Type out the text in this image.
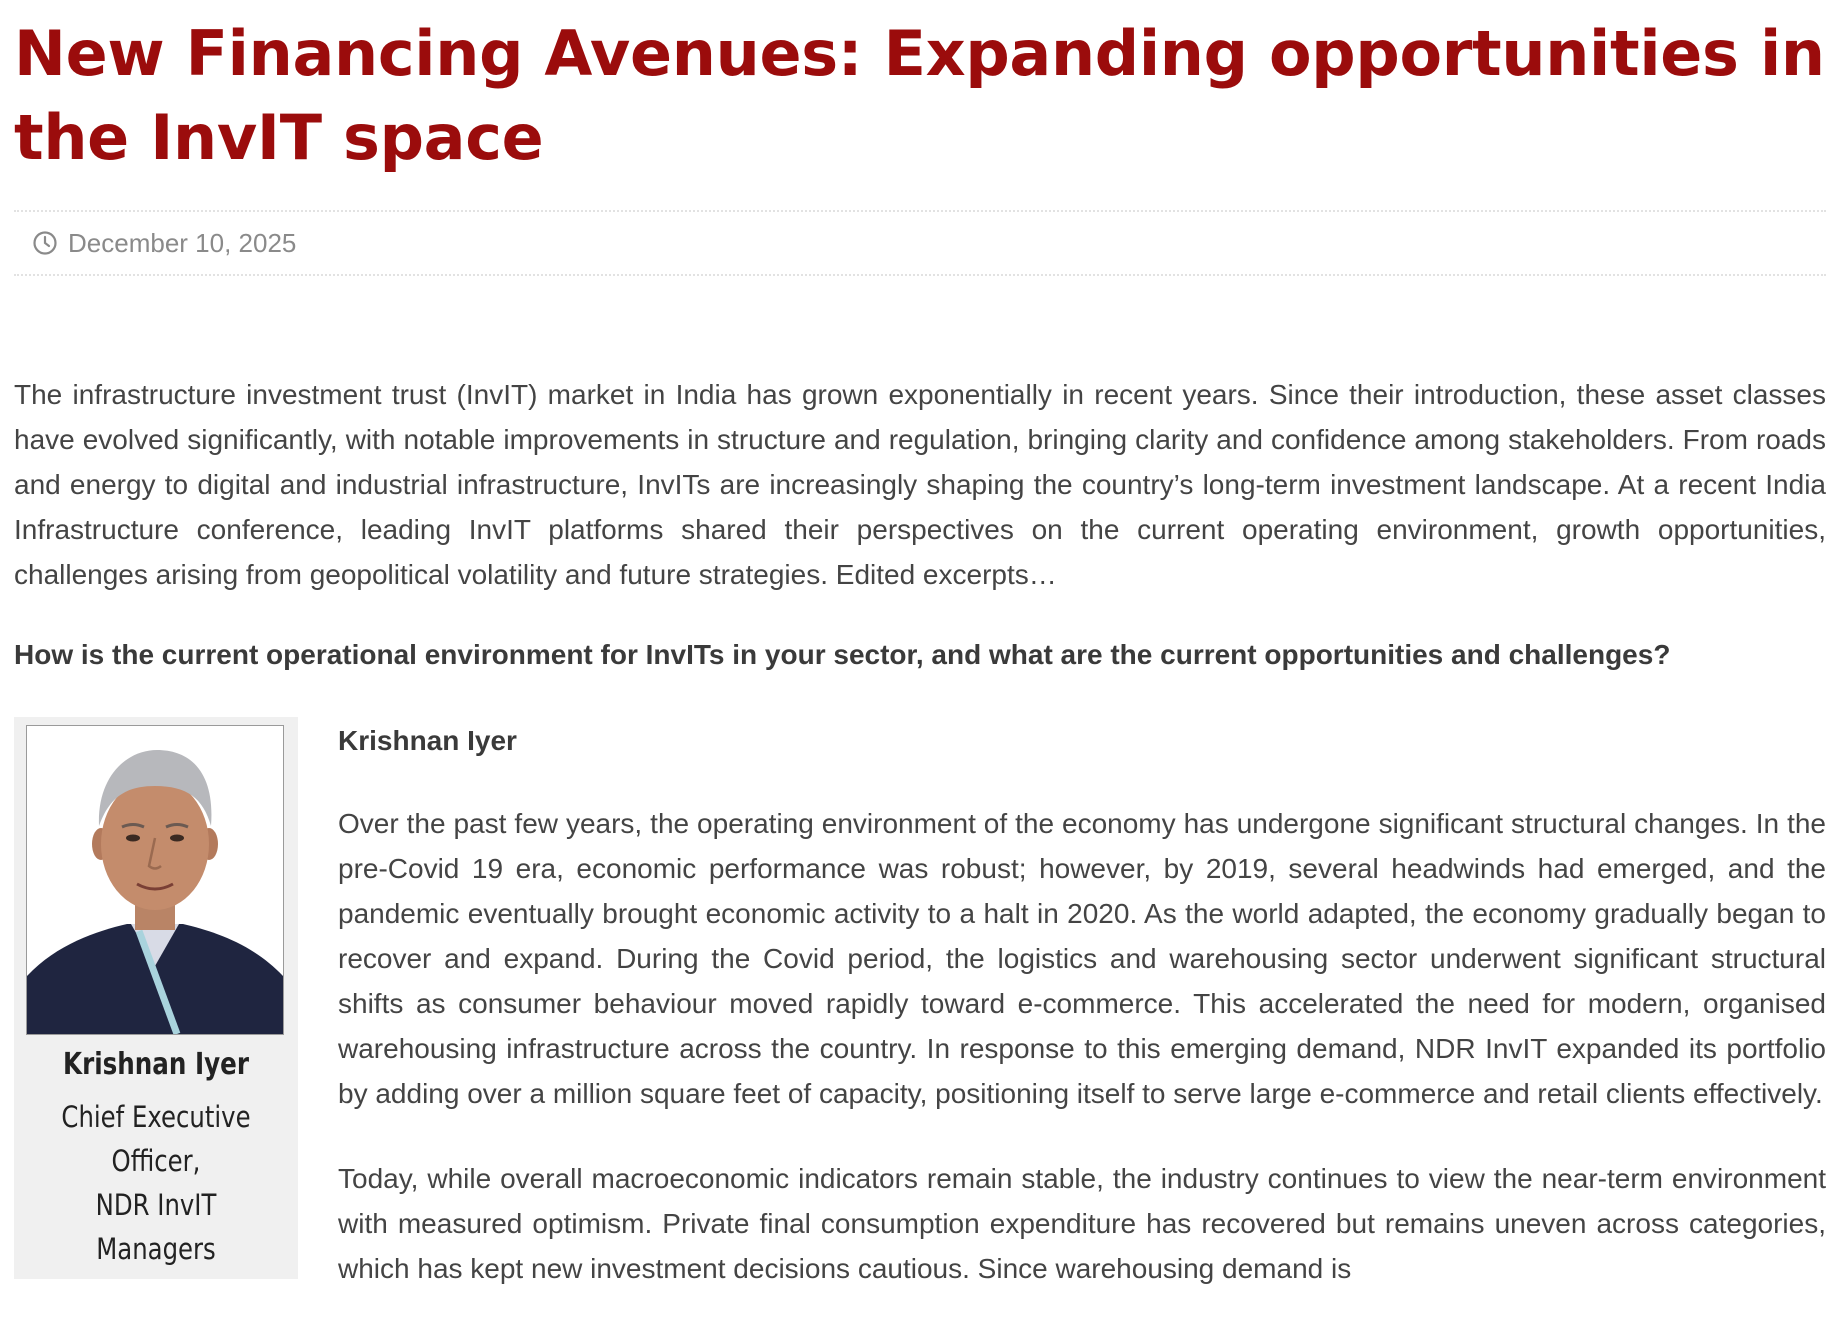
New Financing Avenues: Expanding opportunities in the InvIT space
December 10, 2025

The infrastructure investment trust (InvIT) market in India has grown exponentially in recent years. Since their introduction, these asset classes have evolved significantly, with notable improvements in structure and regulation, bringing clarity and confidence among stakeholders. From roads and energy to digital and industrial infrastructure, InvITs are increasingly shaping the country’s long-term investment landscape. At a recent India Infrastructure conference, leading InvIT platforms shared their perspectives on the current operating environment, growth opportunities, challenges arising from geopolitical volatility and future strategies. Edited excerpts…

How is the current operational environment for InvITs in your sector, and what are the current opportunities and challenges?

Krishnan Iyer
Chief Executive
Officer,
NDR InvIT
Managers

Krishnan Iyer

Over the past few years, the operating environment of the economy has undergone significant structural changes. In the pre-Covid 19 era, economic performance was robust; however, by 2019, several headwinds had emerged, and the pandemic eventually brought economic activity to a halt in 2020. As the world adapted, the economy gradually began to recover and expand. During the Covid period, the logistics and warehousing sector underwent significant structural shifts as consumer behaviour moved rapidly toward e-commerce. This accelerated the need for modern, organised warehousing infrastructure across the country. In response to this emerging demand, NDR InvIT expanded its portfolio by adding over a million square feet of capacity, positioning itself to serve large e-commerce and retail clients effectively.

Today, while overall macroeconomic indicators remain stable, the industry continues to view the near-term environment with measured optimism. Private final consumption expenditure has recovered but remains uneven across categories, which has kept new investment decisions cautious. Since warehousing demand is
